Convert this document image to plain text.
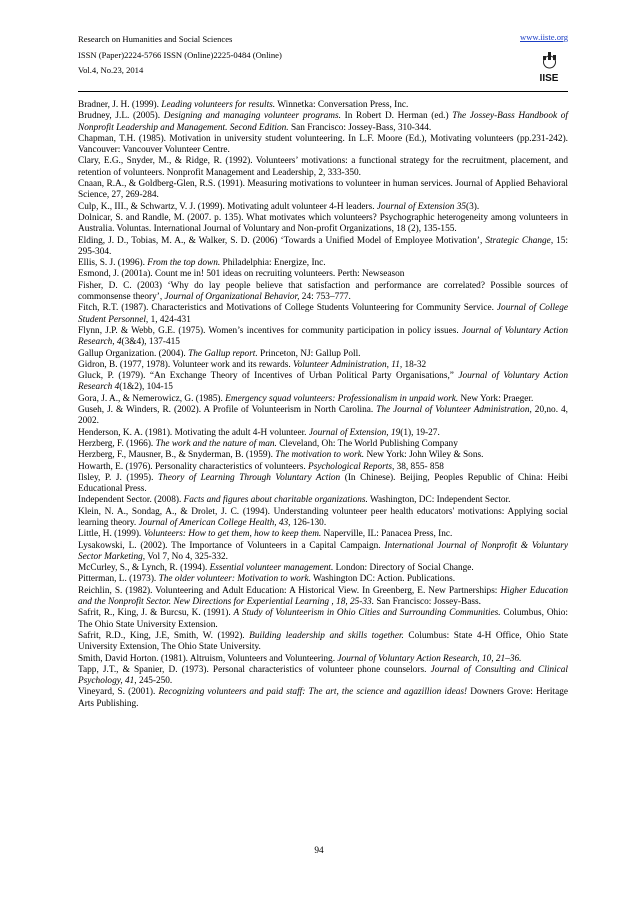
Research on Humanities and Social Sciences
ISSN (Paper)2224-5766 ISSN (Online)2225-0484 (Online)
Vol.4, No.23, 2014
www.iiste.org
IISE

Bradner, J. H. (1999). Leading volunteers for results. Winnetka: Conversation Press, Inc.

Brudney, J.L. (2005). Designing and managing volunteer programs. In Robert D. Herman (ed.) The Jossey-Bass Handbook of Nonprofit Leadership and Management. Second Edition. San Francisco: Jossey-Bass, 310-344.

Chapman, T.H. (1985). Motivation in university student volunteering. In L.F. Moore (Ed.), Motivating volunteers (pp.231-242). Vancouver: Vancouver Volunteer Centre.

Clary, E.G., Snyder, M., & Ridge, R. (1992). Volunteers’ motivations: a functional strategy for the recruitment, placement, and retention of volunteers. Nonprofit Management and Leadership, 2, 333-350.

Cnaan, R.A., & Goldberg-Glen, R.S. (1991). Measuring motivations to volunteer in human services. Journal of Applied Behavioral Science, 27, 269-284.

Culp, K., III., & Schwartz, V. J. (1999). Motivating adult volunteer 4-H leaders. Journal of Extension 35(3).

Dolnicar, S. and Randle, M. (2007. p. 135). What motivates which volunteers? Psychographic heterogeneity among volunteers in Australia. Voluntas. International Journal of Voluntary and Non-profit Organizations, 18 (2), 135-155.

Elding, J. D., Tobias, M. A., & Walker, S. D. (2006) ‘Towards a Unified Model of Employee Motivation’, Strategic Change, 15: 295-304.

Ellis, S. J. (1996). From the top down. Philadelphia: Energize, Inc.

Esmond, J. (2001a). Count me in! 501 ideas on recruiting volunteers. Perth: Newseason

Fisher, D. C. (2003) ‘Why do lay people believe that satisfaction and performance are correlated? Possible sources of commonsense theory’, Journal of Organizational Behavior, 24: 753–777.

Fitch, R.T. (1987). Characteristics and Motivations of College Students Volunteering for Community Service. Journal of College Student Personnel, 1, 424-431

Flynn, J.P. & Webb, G.E. (1975). Women’s incentives for community participation in policy issues. Journal of Voluntary Action Research, 4(3&4), 137-415

Gallup Organization. (2004). The Gallup report. Princeton, NJ: Gallup Poll.

Gidron, B. (1977, 1978). Volunteer work and its rewards. Volunteer Administration, 11, 18-32

Gluck, P. (1979). “An Exchange Theory of Incentives of Urban Political Party Organisations,” Journal of Voluntary Action Research 4(1&2), 104-15

Gora, J. A., & Nemerowicz, G. (1985). Emergency squad volunteers: Professionalism in unpaid work. New York: Praeger.

Guseh, J. & Winders, R. (2002). A Profile of Volunteerism in North Carolina. The Journal of Volunteer Administration, 20,no. 4, 2002.

Henderson, K. A. (1981). Motivating the adult 4-H volunteer. Journal of Extension, 19(1), 19-27.

Herzberg, F. (1966). The work and the nature of man. Cleveland, Oh: The World Publishing Company

Herzberg, F., Mausner, B., & Snyderman, B. (1959). The motivation to work. New York: John Wiley & Sons.

Howarth, E. (1976). Personality characteristics of volunteers. Psychological Reports, 38, 855- 858

Ilsley, P. J. (1995). Theory of Learning Through Voluntary Action (In Chinese). Beijing, Peoples Republic of China: Heibi Educational Press.

Independent Sector. (2008). Facts and figures about charitable organizations. Washington, DC: Independent Sector.

Klein, N. A., Sondag, A., & Drolet, J. C. (1994). Understanding volunteer peer health educators' motivations: Applying social learning theory. Journal of American College Health, 43, 126-130.

Little, H. (1999). Volunteers: How to get them, how to keep them. Naperville, IL: Panacea Press, Inc.

Lysakowski, L. (2002). The Importance of Volunteers in a Capital Campaign. International Journal of Nonprofit & Voluntary Sector Marketing, Vol 7, No 4, 325-332.

McCurley, S., & Lynch, R. (1994). Essential volunteer management. London: Directory of Social Change.

Pitterman, L. (1973). The older volunteer: Motivation to work. Washington DC: Action. Publications.

Reichlin, S. (1982). Volunteering and Adult Education: A Historical View. In Greenberg, E. New Partnerships: Higher Education and the Nonprofit Sector. New Directions for Experiential Learning , 18, 25-33. San Francisco: Jossey-Bass.

Safrit, R., King, J. & Burcsu, K. (1991). A Study of Volunteerism in Ohio Cities and Surrounding Communities. Columbus, Ohio: The Ohio State University Extension.

Safrit, R.D., King, J.E, Smith, W. (1992). Building leadership and skills together. Columbus: State 4-H Office, Ohio State University Extension, The Ohio State University.

Smith, David Horton. (1981). Altruism, Volunteers and Volunteering. Journal of Voluntary Action Research, 10, 21–36.

Tapp, J.T., & Spanier, D. (1973). Personal characteristics of volunteer phone counselors. Journal of Consulting and Clinical Psychology, 41, 245-250.

Vineyard, S. (2001). Recognizing volunteers and paid staff: The art, the science and agazillion ideas! Downers Grove: Heritage Arts Publishing.

94
